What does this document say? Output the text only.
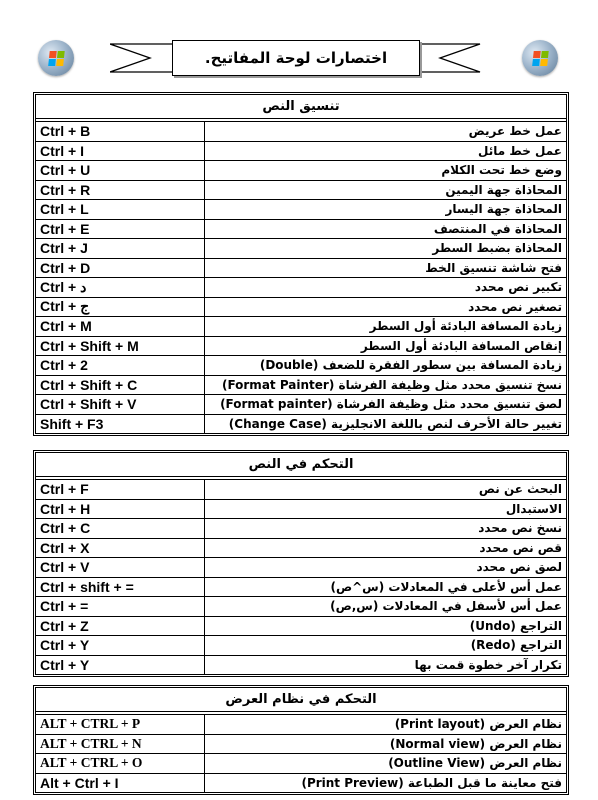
اختصارات لوحة المفاتيح.
تنسيق النص
Ctrl + B	عمل خط عريض
Ctrl + I	عمل خط مائل
Ctrl + U	وضع خط تحت الكلام
Ctrl + R	المحاذاة جهة اليمين
Ctrl + L	المحاذاة جهة اليسار
Ctrl + E	المحاذاة في المنتصف
Ctrl + J	المحاذاة بضبط السطر
Ctrl + D	فتح شاشة تنسيق الخط
Ctrl + د	تكبير نص محدد
Ctrl + ج	تصغير نص محدد
Ctrl + M	زيادة المسافة البادئة أول السطر
Ctrl + Shift + M	إنقاص المسافة البادئة أول السطر
Ctrl + 2	زيادة المسافة بين سطور الفقرة للضعف (Double)
Ctrl + Shift + C	نسخ تنسيق محدد مثل وظيفة الفرشاة (Format Painter)
Ctrl + Shift + V	لصق تنسيق محدد مثل وظيفة الفرشاة (Format painter)
Shift + F3	تغيير حالة الأحرف لنص باللغة الانجليزية (Change Case)
التحكم في النص
Ctrl + F	البحث عن نص
Ctrl + H	الاستبدال
Ctrl + C	نسخ نص محدد
Ctrl + X	قص نص محدد
Ctrl + V	لصق نص محدد
Ctrl + shift + =	عمل أس لأعلى في المعادلات (س^ص)
Ctrl + =	عمل أس لأسفل في المعادلات (س,ص)
Ctrl + Z	التراجع (Undo)
Ctrl + Y	التراجع (Redo)
Ctrl + Y	تكرار آخر خطوة قمت بها
التحكم في نظام العرض
ALT + CTRL + P	نظام العرض (Print layout)
ALT + CTRL + N	نظام العرض (Normal view)
ALT + CTRL + O	نظام العرض (Outline View)
Alt + Ctrl + I	فتح معاينة ما قبل الطباعة (Print Preview)
